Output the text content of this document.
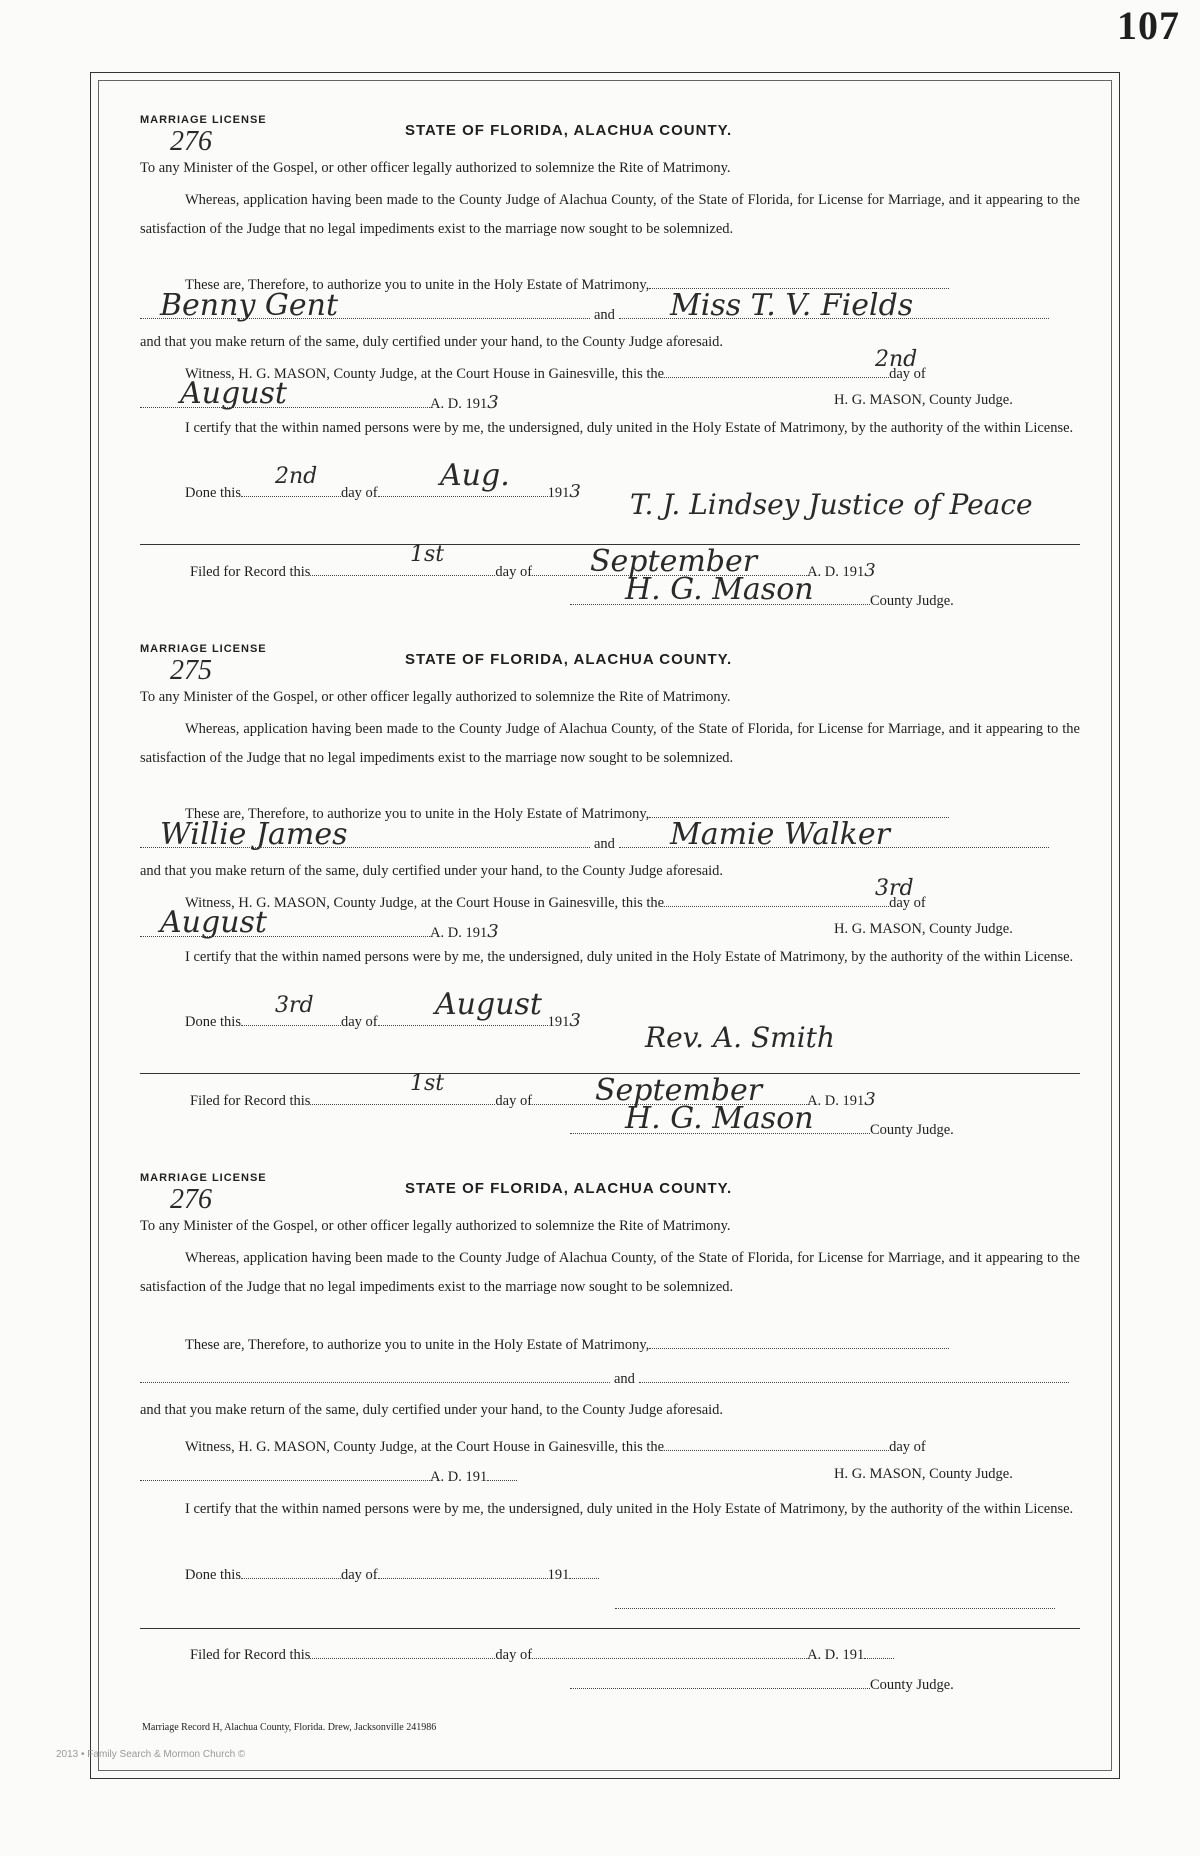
107
MARRIAGE LICENSE
276	STATE OF FLORIDA, ALACHUA COUNTY.
To any Minister of the Gospel, or other officer legally authorized to solemnize the Rite of Matrimony.
Whereas, application having been made to the County Judge of Alachua County, of the State of Florida, for License for Marriage, and it appearing to the satisfaction of the Judge that no legal impediments exist to the marriage now sought to be solemnized.
These are, Therefore, to authorize you to unite in the Holy Estate of Matrimony,
Benny Gent	and	Miss T. V. Fields
and that you make return of the same, duly certified under your hand, to the County Judge aforesaid.
Witness, H. G. MASON, County Judge, at the Court House in Gainesville, this the	day of
2nd
August	A. D. 1913	H. G. MASON, County Judge.
I certify that the within named persons were by me, the undersigned, duly united in the Holy Estate of Matrimony, by the authority of the within License.
Done this	day of	1913
2nd	Aug.
T. J. Lindsey Justice of Peace
Filed for Record this	day of	A. D. 1913
1st	September
County Judge.
H. G. Mason
MARRIAGE LICENSE
275	STATE OF FLORIDA, ALACHUA COUNTY.
To any Minister of the Gospel, or other officer legally authorized to solemnize the Rite of Matrimony.
Whereas, application having been made to the County Judge of Alachua County, of the State of Florida, for License for Marriage, and it appearing to the satisfaction of the Judge that no legal impediments exist to the marriage now sought to be solemnized.
These are, Therefore, to authorize you to unite in the Holy Estate of Matrimony,
Willie James	and	Mamie Walker
and that you make return of the same, duly certified under your hand, to the County Judge aforesaid.
Witness, H. G. MASON, County Judge, at the Court House in Gainesville, this the	day of
3rd
August	A. D. 1913	H. G. MASON, County Judge.
I certify that the within named persons were by me, the undersigned, duly united in the Holy Estate of Matrimony, by the authority of the within License.
Done this	day of	1913
3rd	August
Rev. A. Smith
Filed for Record this	day of	A. D. 1913
1st	September
County Judge.
H. G. Mason
MARRIAGE LICENSE
276	STATE OF FLORIDA, ALACHUA COUNTY.
To any Minister of the Gospel, or other officer legally authorized to solemnize the Rite of Matrimony.
Whereas, application having been made to the County Judge of Alachua County, of the State of Florida, for License for Marriage, and it appearing to the satisfaction of the Judge that no legal impediments exist to the marriage now sought to be solemnized.
These are, Therefore, to authorize you to unite in the Holy Estate of Matrimony,
and
and that you make return of the same, duly certified under your hand, to the County Judge aforesaid.
Witness, H. G. MASON, County Judge, at the Court House in Gainesville, this the	day of
A. D. 191	H. G. MASON, County Judge.
I certify that the within named persons were by me, the undersigned, duly united in the Holy Estate of Matrimony, by the authority of the within License.
Done this	day of	191
Filed for Record this	day of	A. D. 191
County Judge.
Marriage Record H, Alachua County, Florida. Drew, Jacksonville 241986
2013 • Family Search & Mormon Church ©
